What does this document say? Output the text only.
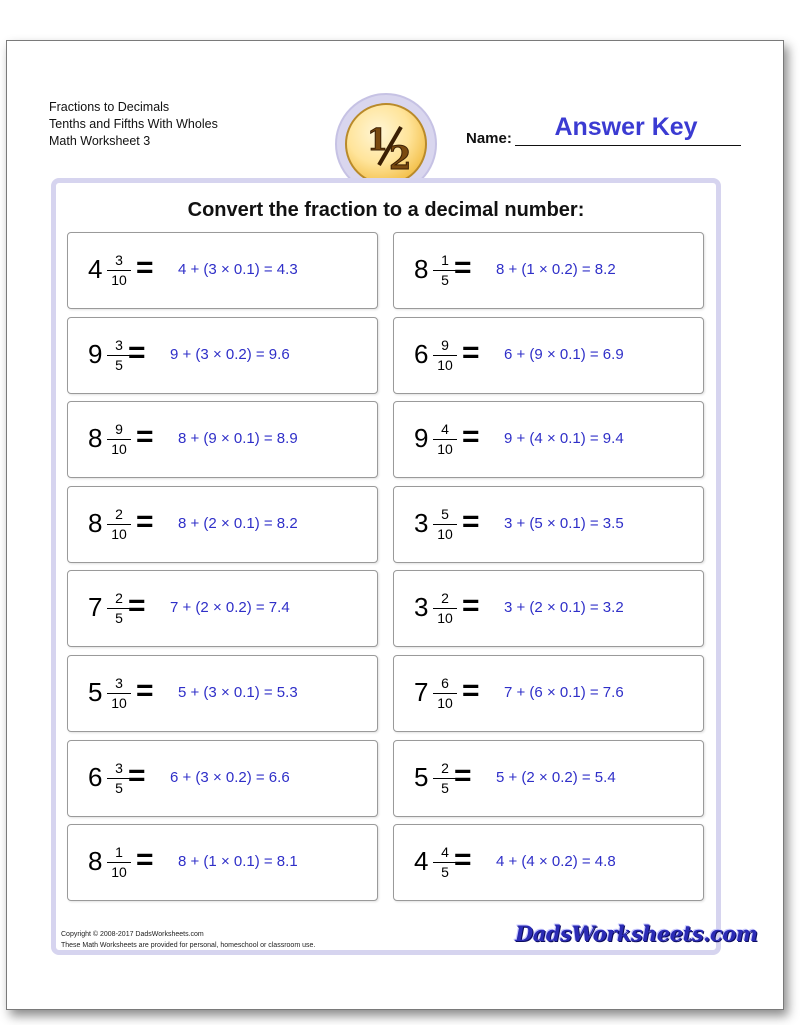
Fractions to Decimals
Tenths and Fifths With Wholes
Math Worksheet 3	1 2
Name:	Answer Key
Convert the fraction to a decimal number:
4 3
10 = 4 + (3 × 0.1) = 4.3	8 1
5 = 8 + (1 × 0.2) = 8.2
9 3
5 = 9 + (3 × 0.2) = 9.6	6 9
10 = 6 + (9 × 0.1) = 6.9
8 9
10 = 8 + (9 × 0.1) = 8.9	9 4
10 = 9 + (4 × 0.1) = 9.4
8 2
10 = 8 + (2 × 0.1) = 8.2	3 5
10 = 3 + (5 × 0.1) = 3.5
7 2
5 = 7 + (2 × 0.2) = 7.4	3 2
10 = 3 + (2 × 0.1) = 3.2
5 3
10 = 5 + (3 × 0.1) = 5.3	7 6
10 = 7 + (6 × 0.1) = 7.6
6 3
5 = 6 + (3 × 0.2) = 6.6	5 2
5 = 5 + (2 × 0.2) = 5.4
8 1
10 = 8 + (1 × 0.1) = 8.1	4 4
5 = 4 + (4 × 0.2) = 4.8
Copyright © 2008-2017 DadsWorksheets.com
These Math Worksheets are provided for personal, homeschool or classroom use.	DadsWorksheets.com
